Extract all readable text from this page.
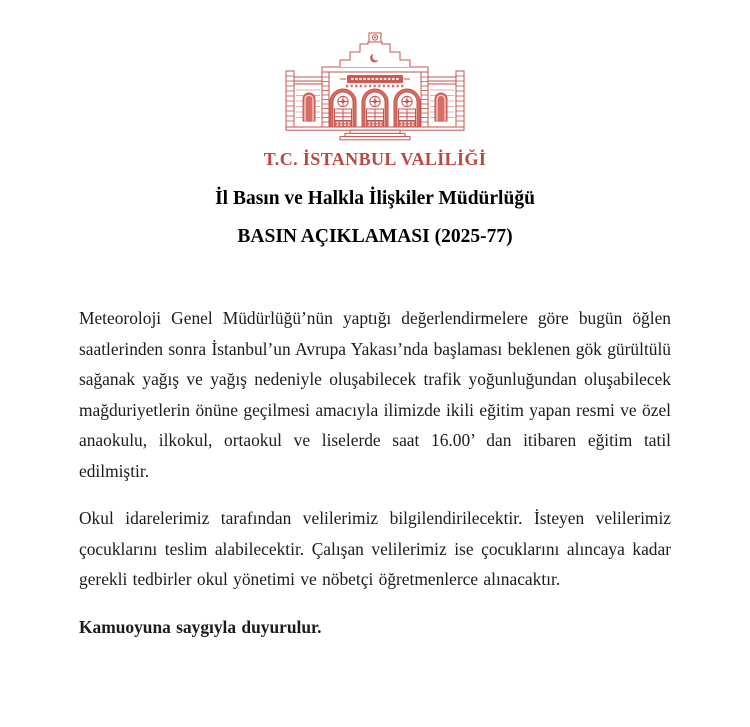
T.C. İSTANBUL VALİLİĞİ
İl Basın ve Halkla İlişkiler Müdürlüğü
BASIN AÇIKLAMASI (2025-77)

Meteoroloji Genel Müdürlüğü’nün yaptığı değerlendirmelere göre bugün öğlen saatlerinden sonra İstanbul’un Avrupa Yakası’nda başlaması beklenen gök gürültülü sağanak yağış ve yağış nedeniyle oluşabilecek trafik yoğunluğundan oluşabilecek mağduriyetlerin önüne geçilmesi amacıyla ilimizde ikili eğitim yapan resmi ve özel anaokulu, ilkokul, ortaokul ve liselerde saat 16.00’ dan itibaren eğitim tatil edilmiştir.

Okul idarelerimiz tarafından velilerimiz bilgilendirilecektir. İsteyen velilerimiz çocuklarını teslim alabilecektir. Çalışan velilerimiz ise çocuklarını alıncaya kadar gerekli tedbirler okul yönetimi ve nöbetçi öğretmenlerce alınacaktır.

Kamuoyuna saygıyla duyurulur.
